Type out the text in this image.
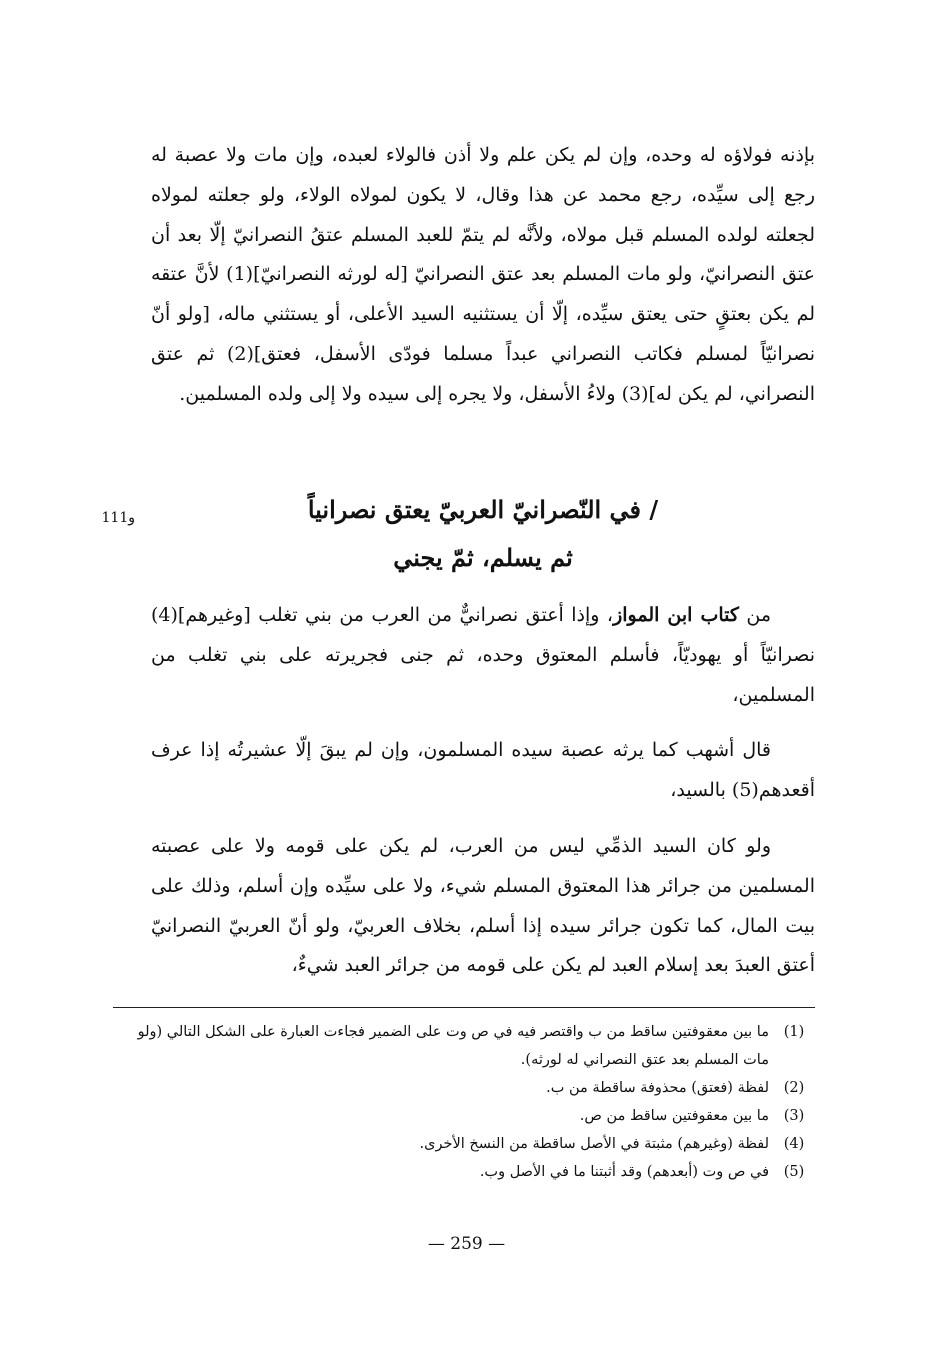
بإذنه فولاؤه له وحده، وإن لم يكن علم ولا أذن فالولاء لعبده، وإن مات ولا عصبة له رجع إلى سيِّده، رجع محمد عن هذا وقال، لا يكون لمولاه الولاء، ولو جعلته لمولاه لجعلته لولده المسلم قبل مولاه، ولأنَّه لم يتمّ للعبد المسلم عتقُ النصرانيّ إلّا بعد أن عتق النصرانيّ، ولو مات المسلم بعد عتق النصرانيّ [له لورثه النصرانيّ](1) لأنَّ عتقه لم يكن بعتقٍ حتى يعتق سيِّده، إلّا أن يستثنيه السيد الأعلى، أو يستثني ماله، [ولو أنّ نصرانيّاً لمسلم فكاتب النصراني عبداً مسلما فودّى الأسفل، فعتق](2) ثم عتق النصراني، لم يكن له](3) ولاءُ الأسفل، ولا يجره إلى سيده ولا إلى ولده المسلمين.

/ في النّصرانيّ العربيّ يعتق نصرانياً
ثم يسلم، ثمّ يجني
111و

من كتاب ابن المواز، وإذا أعتق نصرانيٌّ من العرب من بني تغلب [وغيرهم](4) نصرانيّاً أو يهوديّاً، فأسلم المعتوق وحده، ثم جنى فجريرته على بني تغلب من المسلمين،

قال أشهب كما يرثه عصبة سيده المسلمون، وإن لم يبقَ إلّا عشيرتُه إذا عرف أقعدهم(5) بالسيد،

ولو كان السيد الذمِّي ليس من العرب، لم يكن على قومه ولا على عصبته المسلمين من جرائر هذا المعتوق المسلم شيء، ولا على سيِّده وإن أسلم، وذلك على بيت المال، كما تكون جرائر سيده إذا أسلم، بخلاف العربيّ، ولو أنّ العربيّ النصرانيّ أعتق العبدَ بعد إسلام العبد لم يكن على قومه من جرائر العبد شيءٌ،

(1)
ما بين معقوفتين ساقط من ب واقتصر فيه في ص وت على الضمير فجاءت العبارة على الشكل التالي (ولو مات المسلم بعد عتق النصراني له لورثه).
(2)
لفظة (فعتق) محذوفة ساقطة من ب.
(3)
ما بين معقوفتين ساقط من ص.
(4)
لفظة (وغيرهم) مثبتة في الأصل ساقطة من النسخ الأخرى.
(5)
في ص وت (أبعدهم) وقد أثبتنا ما في الأصل وب.
— 259 —
